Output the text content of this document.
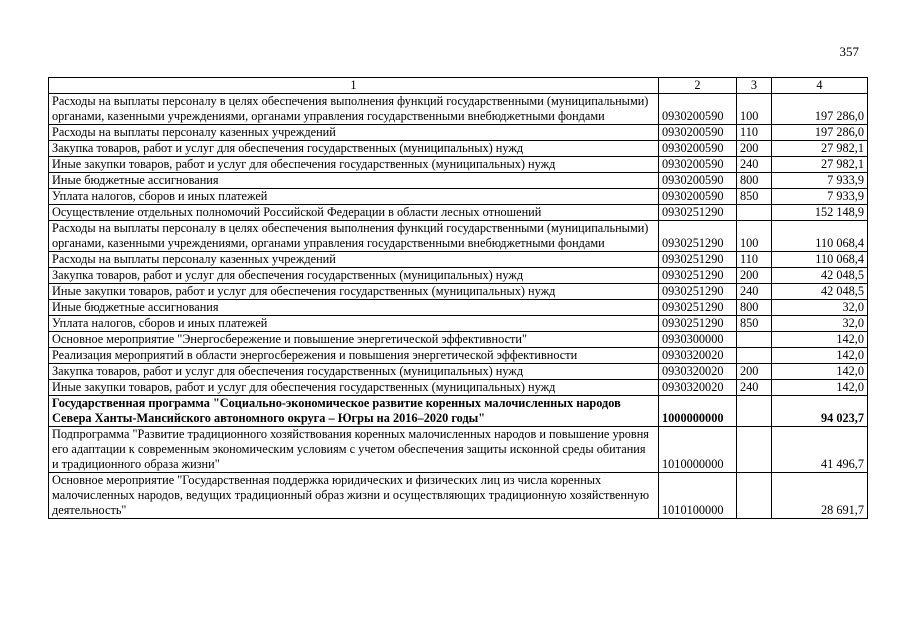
357
1	2	3	4
Расходы на выплаты персоналу в целях обеспечения выполнения функций государственными (муниципальными) органами, казенными учреждениями, органами управления государственными внебюджетными фондами	0930200590	100	197 286,0
Расходы на выплаты персоналу казенных учреждений	0930200590	110	197 286,0
Закупка товаров, работ и услуг для обеспечения государственных (муниципальных) нужд	0930200590	200	27 982,1
Иные закупки товаров, работ и услуг для обеспечения государственных (муниципальных) нужд	0930200590	240	27 982,1
Иные бюджетные ассигнования	0930200590	800	7 933,9
Уплата налогов, сборов и иных платежей	0930200590	850	7 933,9
Осуществление отдельных полномочий Российской Федерации в области лесных отношений	0930251290		152 148,9
Расходы на выплаты персоналу в целях обеспечения выполнения функций государственными (муниципальными) органами, казенными учреждениями, органами управления государственными внебюджетными фондами	0930251290	100	110 068,4
Расходы на выплаты персоналу казенных учреждений	0930251290	110	110 068,4
Закупка товаров, работ и услуг для обеспечения государственных (муниципальных) нужд	0930251290	200	42 048,5
Иные закупки товаров, работ и услуг для обеспечения государственных (муниципальных) нужд	0930251290	240	42 048,5
Иные бюджетные ассигнования	0930251290	800	32,0
Уплата налогов, сборов и иных платежей	0930251290	850	32,0
Основное мероприятие "Энергосбережение и повышение энергетической эффективности"	0930300000		142,0
Реализация мероприятий в области энергосбережения и повышения энергетической эффективности	0930320020		142,0
Закупка товаров, работ и услуг для обеспечения государственных (муниципальных) нужд	0930320020	200	142,0
Иные закупки товаров, работ и услуг для обеспечения государственных (муниципальных) нужд	0930320020	240	142,0
Государственная программа "Социально-экономическое развитие коренных малочисленных народов Севера Ханты-Мансийского автономного округа – Югры на 2016–2020 годы"	1000000000		94 023,7
Подпрограмма "Развитие традиционного хозяйствования коренных малочисленных народов и повышение уровня его адаптации к современным экономическим условиям с учетом обеспечения защиты исконной среды обитания и традиционного образа жизни"	1010000000		41 496,7
Основное мероприятие "Государственная поддержка юридических и физических лиц из числа коренных малочисленных народов, ведущих традиционный образ жизни и осуществляющих традиционную хозяйственную деятельность"	1010100000		28 691,7
